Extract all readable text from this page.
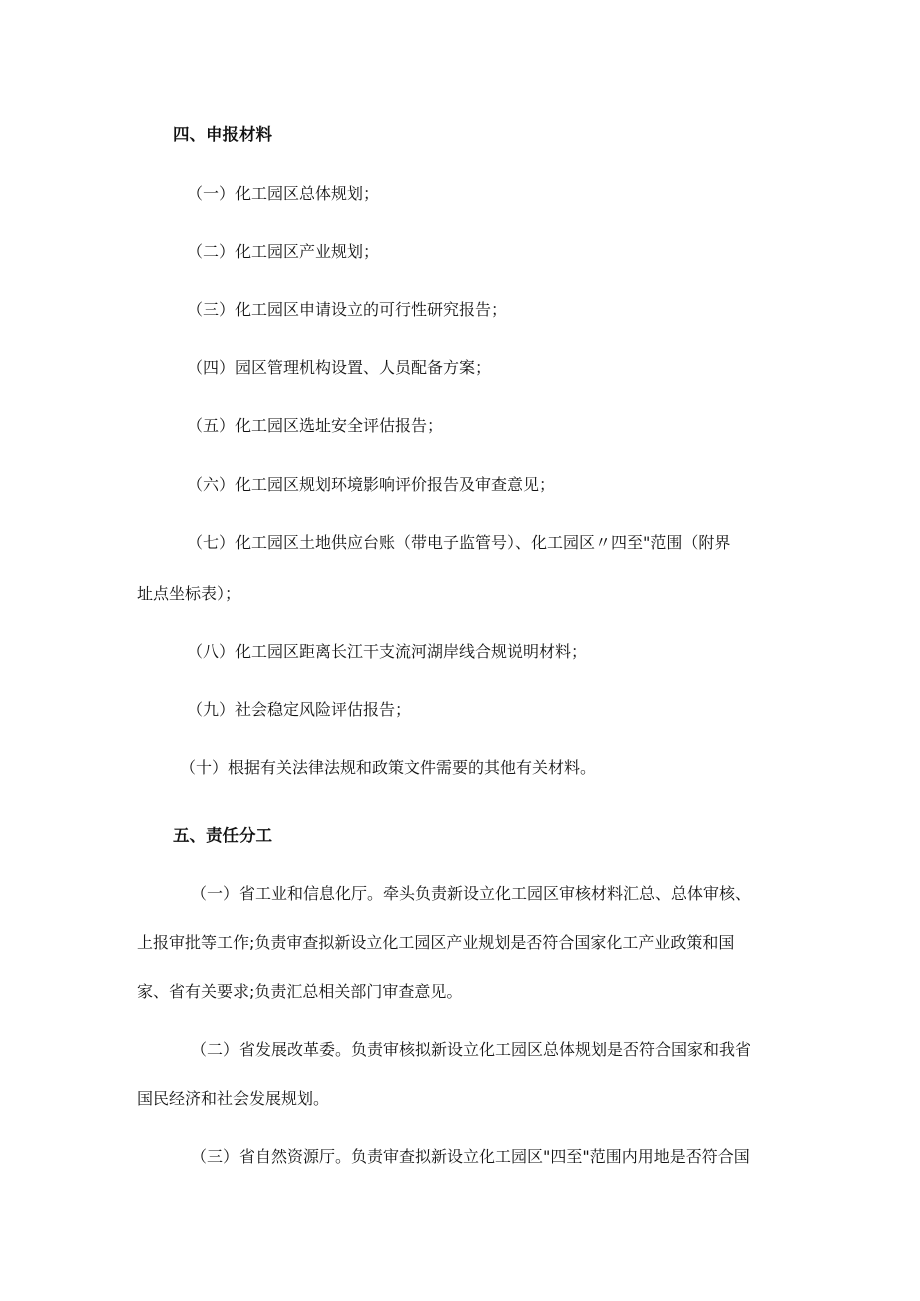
四、申报材料

（一）化工园区总体规划；

（二）化工园区产业规划；

（三）化工园区申请设立的可行性研究报告；

（四）园区管理机构设置、人员配备方案；

（五）化工园区选址安全评估报告；

（六）化工园区规划环境影响评价报告及审查意见；

（七）化工园区土地供应台账（带电子监管号）、化工园区〃四至"范围（附界

址点坐标表）；

（八）化工园区距离长江干支流河湖岸线合规说明材料；

（九）社会稳定风险评估报告；

（十）根据有关法律法规和政策文件需要的其他有关材料。

五、责任分工

（一）省工业和信息化厅。牵头负责新设立化工园区审核材料汇总、总体审核、

上报审批等工作;负责审查拟新设立化工园区产业规划是否符合国家化工产业政策和国

家、省有关要求;负责汇总相关部门审查意见。

（二）省发展改革委。负责审核拟新设立化工园区总体规划是否符合国家和我省

国民经济和社会发展规划。

（三）省自然资源厅。负责审查拟新设立化工园区"四至"范围内用地是否符合国
